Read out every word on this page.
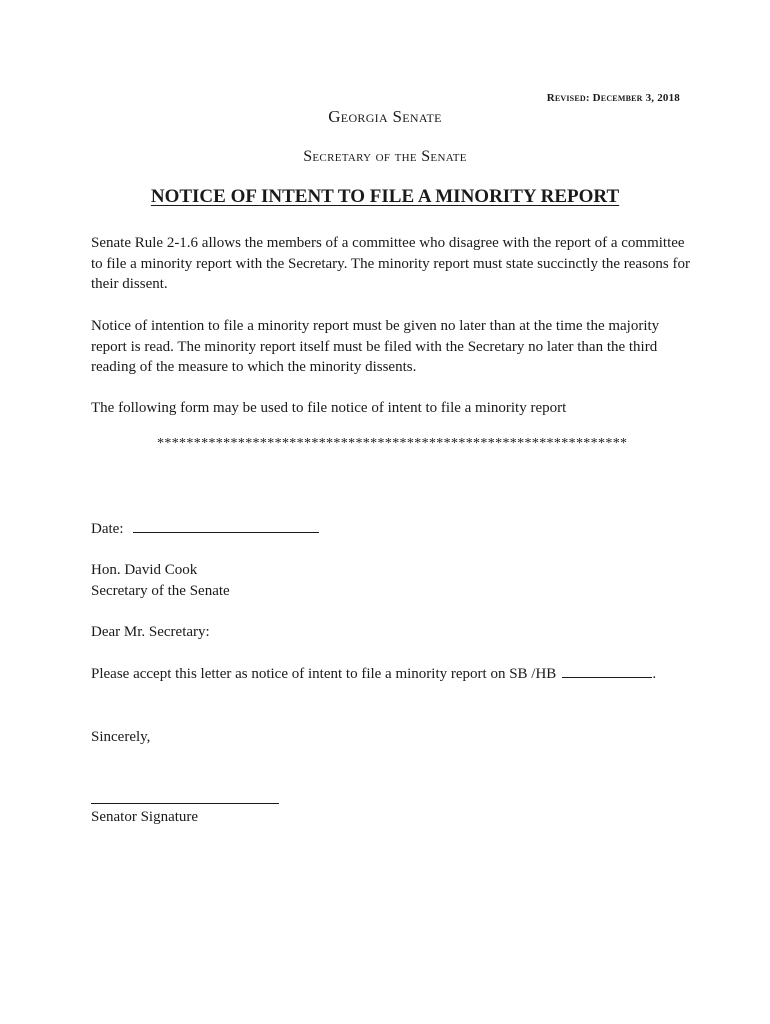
Revised: December 3, 2018
Georgia Senate
Secretary of the Senate
NOTICE OF INTENT TO FILE A MINORITY REPORT

Senate Rule 2-1.6 allows the members of a committee who disagree with the report of a committee to file a minority report with the Secretary. The minority report must state succinctly the reasons for their dissent.

Notice of intention to file a minority report must be given no later than at the time the majority report is read. The minority report itself must be filed with the Secretary no later than the third reading of the measure to which the minority dissents.

The following form may be used to file notice of intent to file a minority report

****************************************************************
Date:
Hon. David Cook
Secretary of the Senate
Dear Mr. Secretary:
Please accept this letter as notice of intent to file a minority report on SB /HB	.
Sincerely,
Senator Signature
